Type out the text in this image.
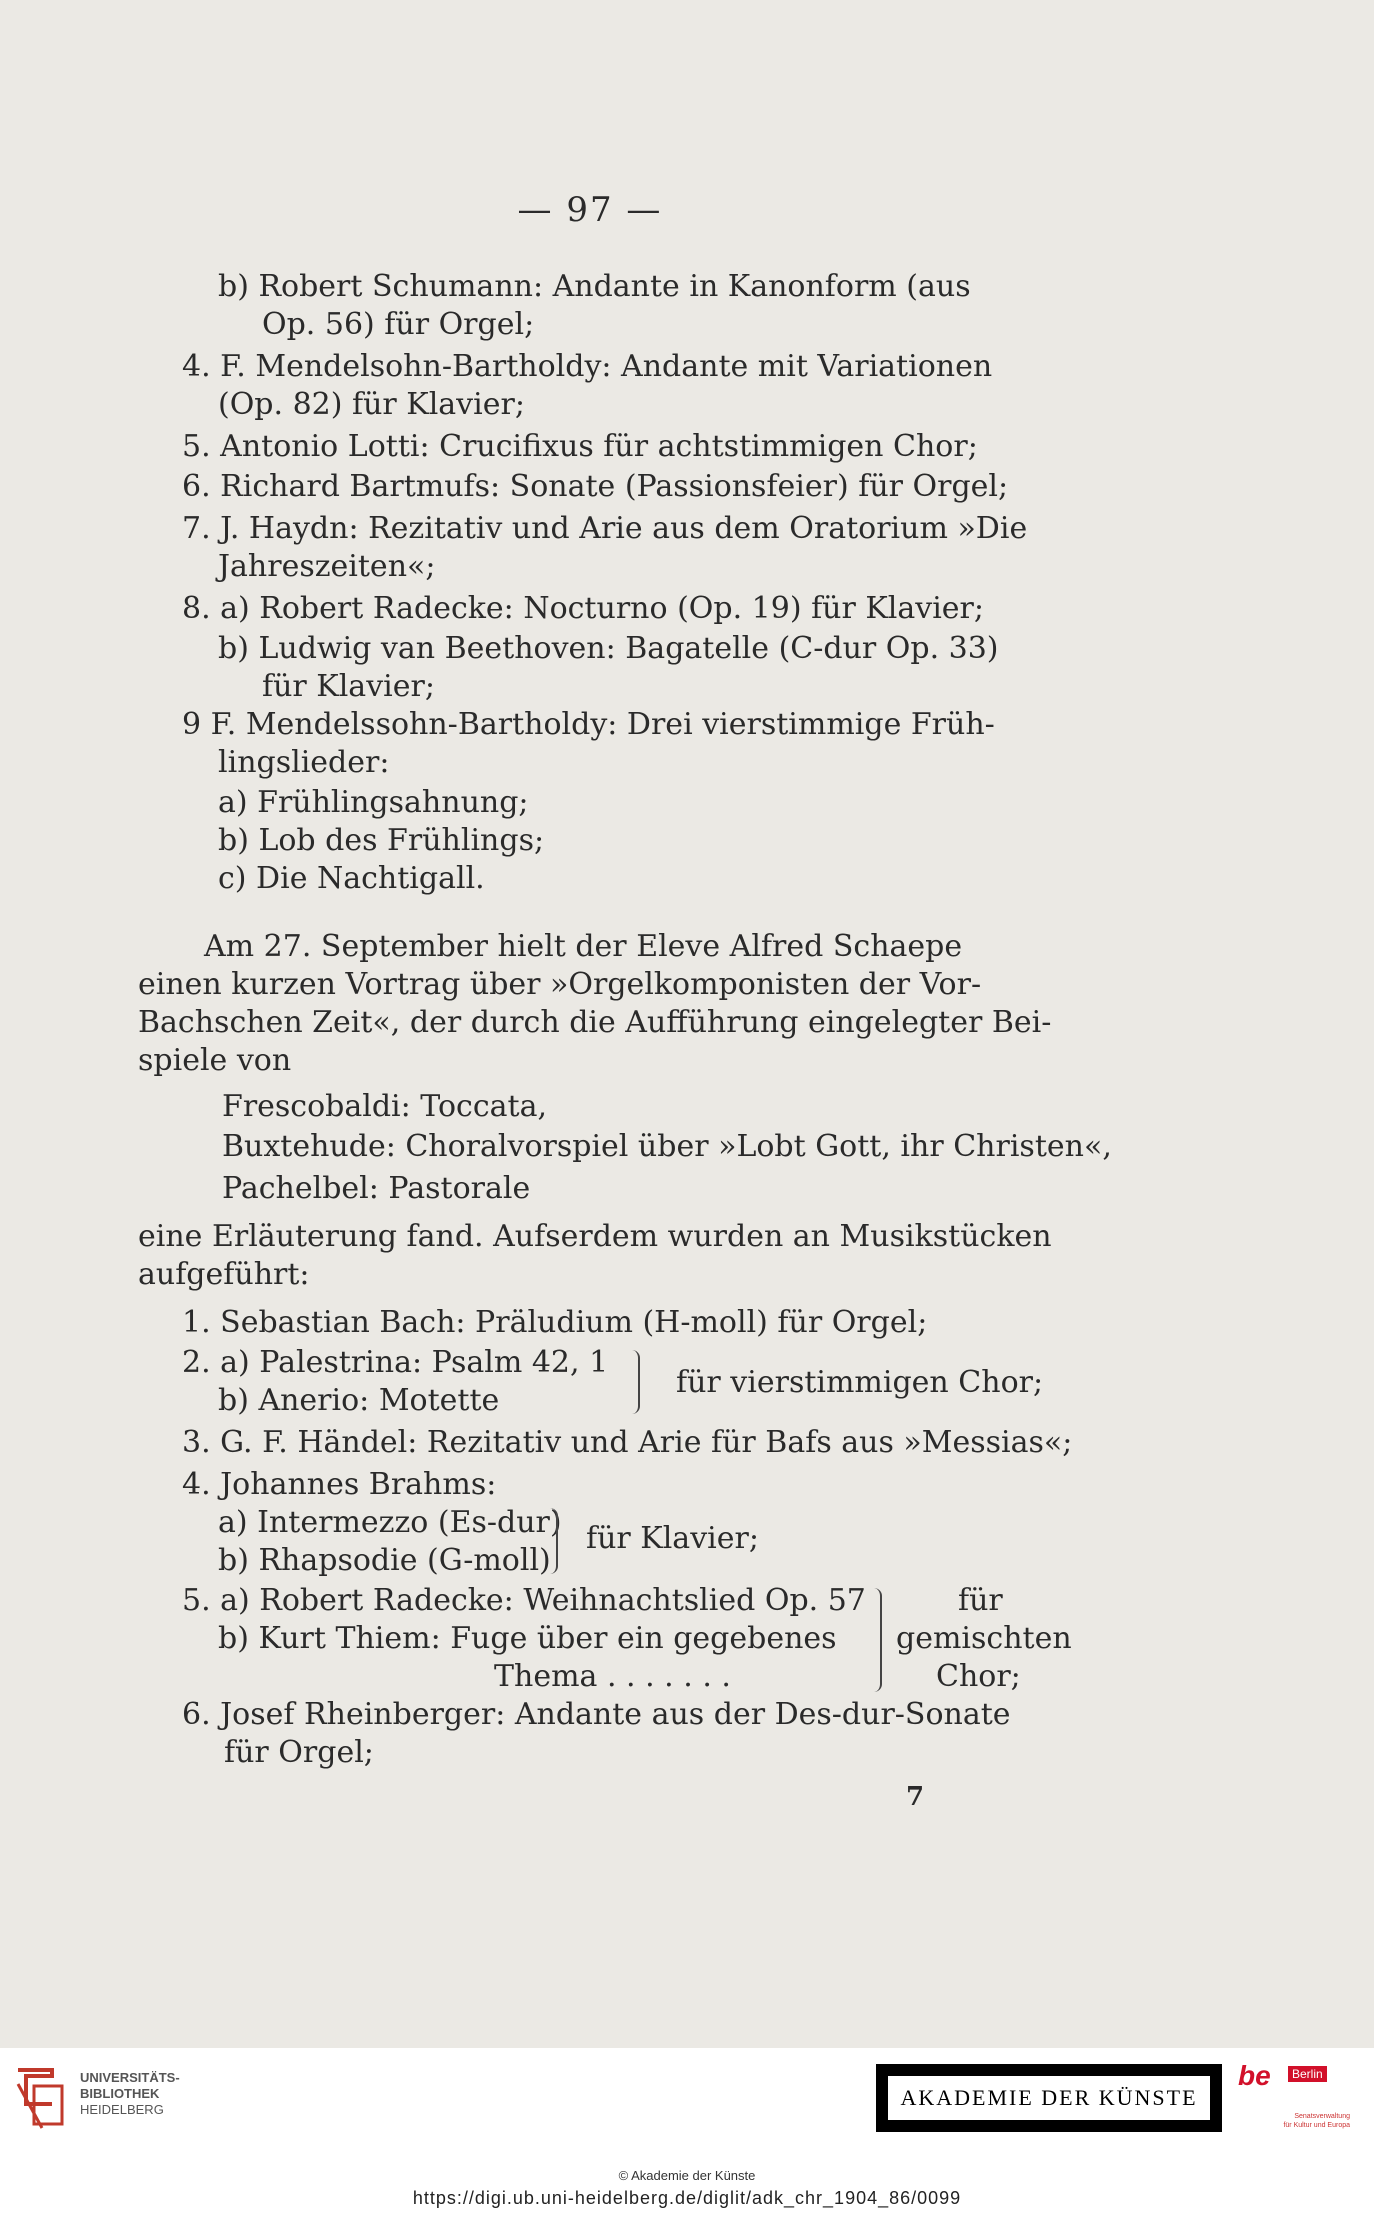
— 97 —
b) Robert Schumann: Andante in Kanonform (aus
Op. 56) für Orgel;
4. F. Mendelsohn-Bartholdy: Andante mit Variationen
(Op. 82) für Klavier;
5. Antonio Lotti: Crucifixus für achtstimmigen Chor;
6. Richard Bartmufs: Sonate (Passionsfeier) für Orgel;
7. J. Haydn: Rezitativ und Arie aus dem Oratorium »Die
Jahreszeiten«;
8. a) Robert Radecke: Nocturno (Op. 19) für Klavier;
b) Ludwig van Beethoven: Bagatelle (C-dur Op. 33)
für Klavier;
9 F. Mendelssohn-Bartholdy: Drei vierstimmige Früh-
lingslieder:
a) Frühlingsahnung;
b) Lob des Frühlings;
c) Die Nachtigall.
Am 27. September hielt der Eleve Alfred Schaepe
einen kurzen Vortrag über »Orgelkomponisten der Vor-
Bachschen Zeit«, der durch die Aufführung eingelegter Bei-
spiele von
Frescobaldi: Toccata,
Buxtehude: Choralvorspiel über »Lobt Gott, ihr Christen«,
Pachelbel: Pastorale
eine Erläuterung fand. Aufserdem wurden an Musikstücken
aufgeführt:
1. Sebastian Bach: Präludium (H-moll) für Orgel;
2. a) Palestrina: Psalm 42, 1
b) Anerio: Motette
für vierstimmigen Chor;
3. G. F. Händel: Rezitativ und Arie für Bafs aus »Messias«;
4. Johannes Brahms:
a) Intermezzo (Es-dur)
b) Rhapsodie (G-moll)
für Klavier;
5. a) Robert Radecke: Weihnachtslied Op. 57
b) Kurt Thiem: Fuge über ein gegebenes
Thema . . . . . . .
für
gemischten
Chor;
6. Josef Rheinberger: Andante aus der Des-dur-Sonate
für Orgel;
7
UNIVERSITÄTS-
BIBLIOTHEK
HEIDELBERG	AKADEMIE DER KÜNSTE
be	Berlin
Senatsverwaltung
für Kultur und Europa
© Akademie der Künste
https://digi.ub.uni-heidelberg.de/diglit/adk_chr_1904_86/0099
